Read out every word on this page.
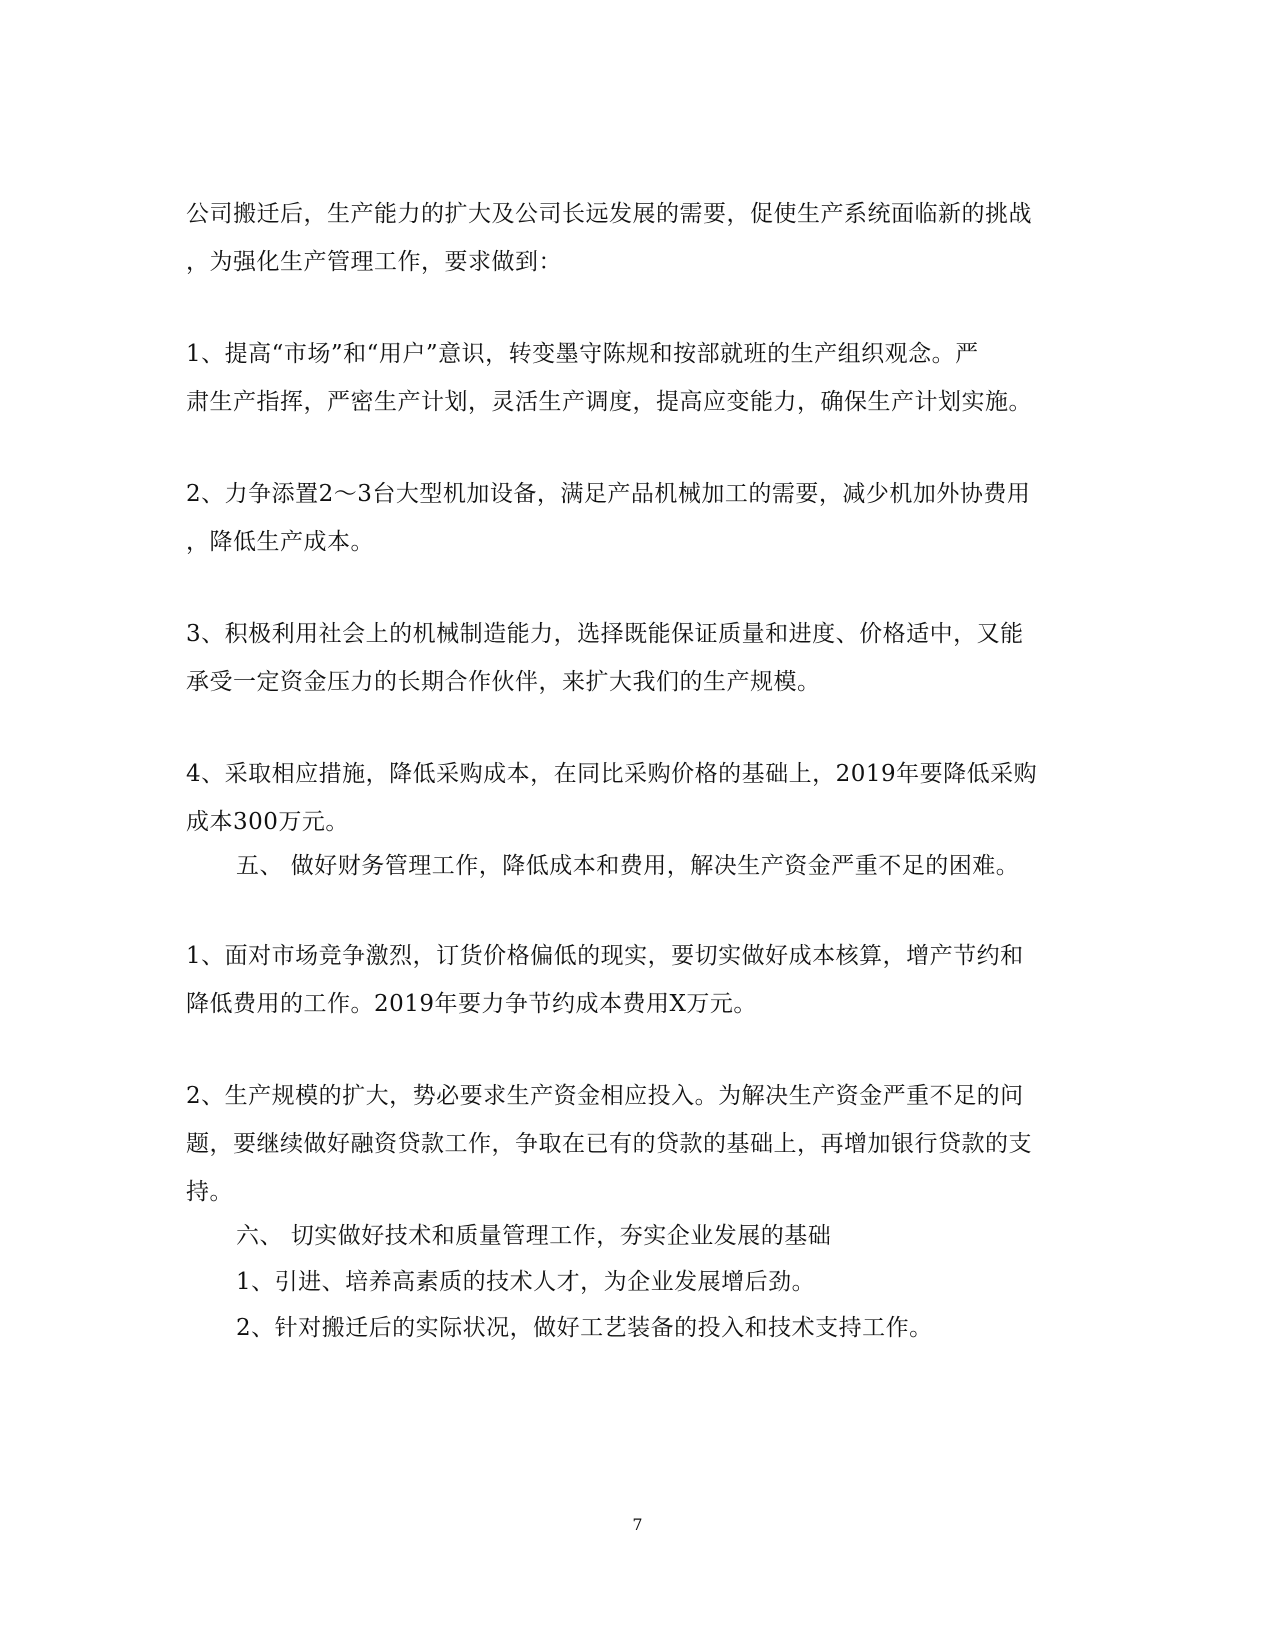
公司搬迁后，生产能力的扩大及公司长远发展的需要，促使生产系统面临新的挑战
，为强化生产管理工作，要求做到：

1、提高“市场”和“用户”意识，转变墨守陈规和按部就班的生产组织观念。严
肃生产指挥，严密生产计划，灵活生产调度，提高应变能力，确保生产计划实施。

2、力争添置2～3台大型机加设备，满足产品机械加工的需要，减少机加外协费用
，降低生产成本。

3、积极利用社会上的机械制造能力，选择既能保证质量和进度、价格适中，又能
承受一定资金压力的长期合作伙伴，来扩大我们的生产规模。

4、采取相应措施，降低采购成本，在同比采购价格的基础上，2019年要降低采购
成本300万元。

五、 做好财务管理工作，降低成本和费用，解决生产资金严重不足的困难。

1、面对市场竞争激烈，订货价格偏低的现实，要切实做好成本核算，增产节约和
降低费用的工作。2019年要力争节约成本费用X万元。

2、生产规模的扩大，势必要求生产资金相应投入。为解决生产资金严重不足的问
题，要继续做好融资贷款工作，争取在已有的贷款的基础上，再增加银行贷款的支
持。

六、 切实做好技术和质量管理工作，夯实企业发展的基础

1、引进、培养高素质的技术人才，为企业发展增后劲。

2、针对搬迁后的实际状况，做好工艺装备的投入和技术支持工作。

7
